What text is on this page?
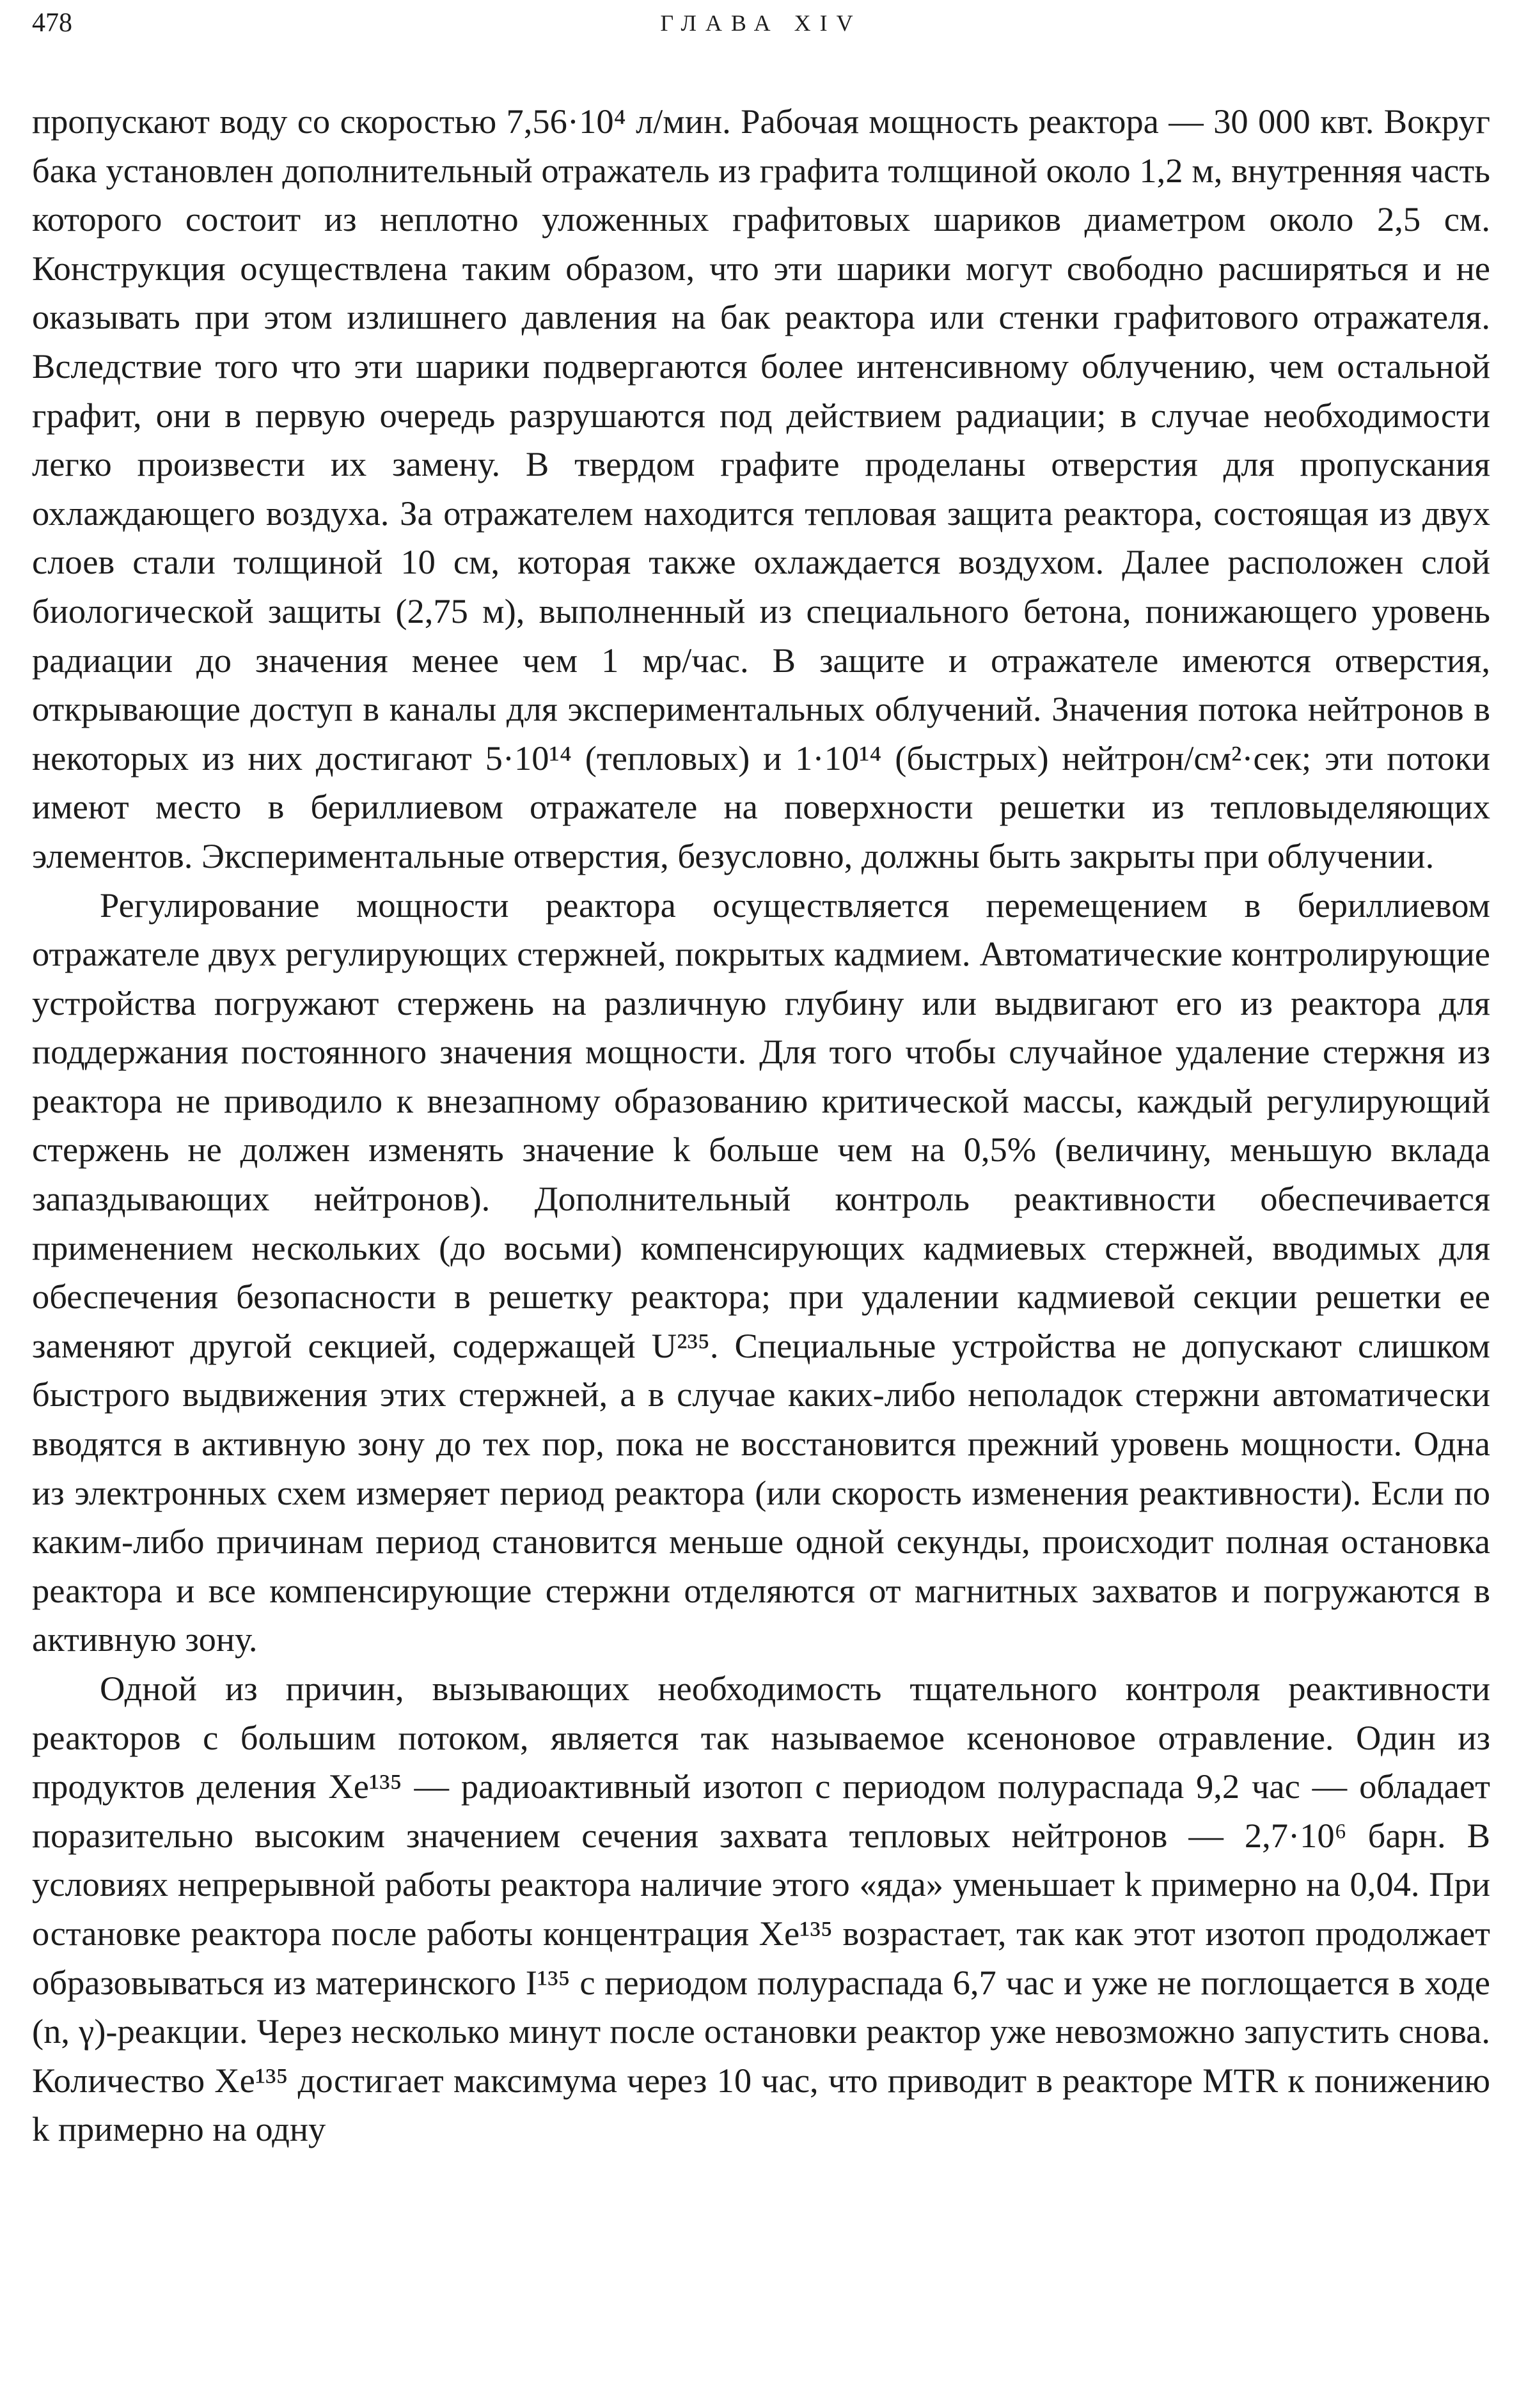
478	ГЛАВА XIV

пропускают воду со скоростью 7,56·10⁴ л/мин. Рабочая мощность реактора — 30 000 квт. Вокруг бака установлен дополнительный отражатель из графита толщиной около 1,2 м, внутренняя часть которого состоит из неплотно уложенных графитовых шариков диаметром около 2,5 см. Конструкция осуществлена таким образом, что эти шарики могут свободно расширяться и не оказывать при этом излишнего давления на бак реактора или стенки графитового отражателя. Вследствие того что эти шарики подвергаются более интенсивному облучению, чем остальной графит, они в первую очередь разрушаются под действием радиации; в случае необходимости легко произвести их замену. В твердом графите проделаны отверстия для пропускания охлаждающего воздуха. За отражателем находится тепловая защита реактора, состоящая из двух слоев стали толщиной 10 см, которая также охлаждается воздухом. Далее расположен слой биологической защиты (2,75 м), выполненный из специального бетона, понижающего уровень радиации до значения менее чем 1 мр/час. В защите и отражателе имеются отверстия, открывающие доступ в каналы для экспериментальных облучений. Значения потока нейтронов в некоторых из них достигают 5·10¹⁴ (тепловых) и 1·10¹⁴ (быстрых) нейтрон/см²·сек; эти потоки имеют место в бериллиевом отражателе на поверхности решетки из тепловыделяющих элементов. Экспериментальные отверстия, безусловно, должны быть закрыты при облучении.

Регулирование мощности реактора осуществляется перемещением в бериллиевом отражателе двух регулирующих стержней, покрытых кадмием. Автоматические контролирующие устройства погружают стержень на различную глубину или выдвигают его из реактора для поддержания постоянного значения мощности. Для того чтобы случайное удаление стержня из реактора не приводило к внезапному образованию критической массы, каждый регулирующий стержень не должен изменять значение k больше чем на 0,5% (величину, меньшую вклада запаздывающих нейтронов). Дополнительный контроль реактивности обеспечивается применением нескольких (до восьми) компенсирующих кадмиевых стержней, вводимых для обеспечения безопасности в решетку реактора; при удалении кадмиевой секции решетки ее заменяют другой секцией, содержащей U²³⁵. Специальные устройства не допускают слишком быстрого выдвижения этих стержней, а в случае каких-либо неполадок стержни автоматически вводятся в активную зону до тех пор, пока не восстановится прежний уровень мощности. Одна из электронных схем измеряет период реактора (или скорость изменения реактивности). Если по каким-либо причинам период становится меньше одной секунды, происходит полная остановка реактора и все компенсирующие стержни отделяются от магнитных захватов и погружаются в активную зону.

Одной из причин, вызывающих необходимость тщательного контроля реактивности реакторов с большим потоком, является так называемое ксеноновое отравление. Один из продуктов деления Xe¹³⁵ — радиоактивный изотоп с периодом полураспада 9,2 час — обладает поразительно высоким значением сечения захвата тепловых нейтронов — 2,7·10⁶ барн. В условиях непрерывной работы реактора наличие этого «яда» уменьшает k примерно на 0,04. При остановке реактора после работы концентрация Xe¹³⁵ возрастает, так как этот изотоп продолжает образовываться из материнского I¹³⁵ с периодом полураспада 6,7 час и уже не поглощается в ходе (n, γ)-реакции. Через несколько минут после остановки реактор уже невозможно запустить снова. Количество Xe¹³⁵ достигает максимума через 10 час, что приводит в реакторе MTR к понижению k примерно на одну
